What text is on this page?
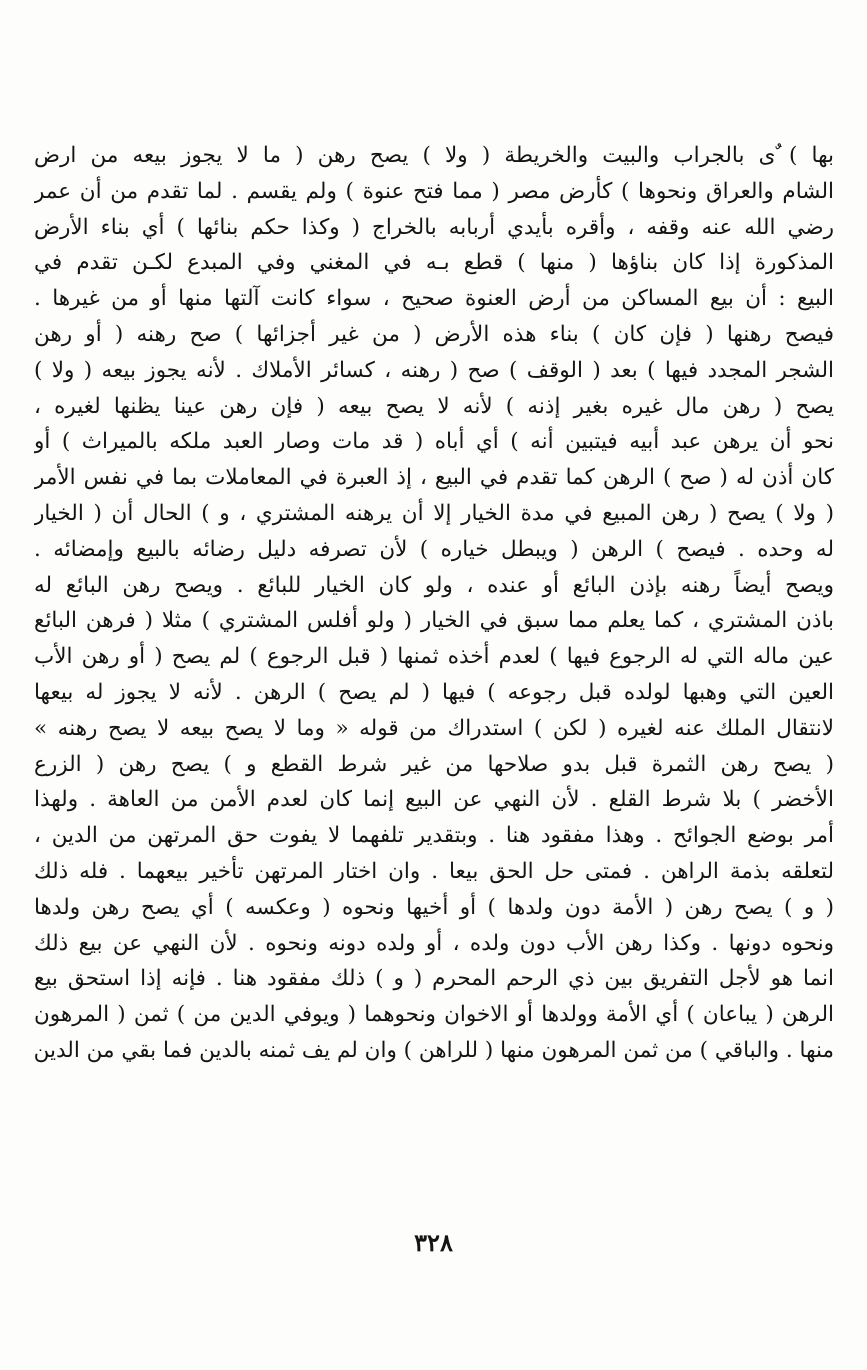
بها ) ٌى بالجراب والبيت والخريطة ( ولا ) يصح رهن ( ما لا يجوز بيعه من ارض
الشام والعراق ونحوها ) كأرض مصر ( مما فتح عنوة ) ولم يقسم . لما تقدم من أن عمر
رضي الله عنه وقفه ، وأقره بأيدي أربابه بالخراج ( وكذا حكم بنائها ) أي بناء الأرض
المذكورة إذا كان بناؤها ( منها ) قطع بـه في المغني وفي المبدع لكـن تقدم في
البيع : أن بيع المساكن من أرض العنوة صحيح ، سواء كانت آلتها منها أو من غيرها .
فيصح رهنها ( فإن كان ) بناء هذه الأرض ( من غير أجزائها ) صح رهنه ( أو رهن
الشجر المجدد فيها ) بعد ( الوقف ) صح ( رهنه ، كسائر الأملاك . لأنه يجوز بيعه ( ولا )
يصح ( رهن مال غيره بغير إذنه ) لأنه لا يصح بيعه ( فإن رهن عينا يظنها لغيره ،
نحو أن يرهن عبد أبيه فيتبين أنه ) أي أباه ( قد مات وصار العبد ملكه بالميراث ) أو
كان أذن له ( صح ) الرهن كما تقدم في البيع ، إذ العبرة في المعاملات بما في نفس الأمر
( ولا ) يصح ( رهن المبيع في مدة الخيار إلا أن يرهنه المشتري ، و ) الحال أن ( الخيار
له وحده . فيصح ) الرهن ( ويبطل خياره ) لأن تصرفه دليل رضائه بالبيع وإمضائه .
ويصح أيضاً رهنه بإذن البائع أو عنده ، ولو كان الخيار للبائع . ويصح رهن البائع له
باذن المشتري ، كما يعلم مما سبق في الخيار ( ولو أفلس المشتري ) مثلا ( فرهن البائع
عين ماله التي له الرجوع فيها ) لعدم أخذه ثمنها ( قبل الرجوع ) لم يصح ( أو رهن الأب
العين التي وهبها لولده قبل رجوعه ) فيها ( لم يصح ) الرهن . لأنه لا يجوز له بيعها
لانتقال الملك عنه لغيره ( لكن ) استدراك من قوله « وما لا يصح بيعه لا يصح رهنه »
( يصح رهن الثمرة قبل بدو صلاحها من غير شرط القطع و ) يصح رهن ( الزرع
الأخضر ) بلا شرط القلع . لأن النهي عن البيع إنما كان لعدم الأمن من العاهة . ولهذا
أمر بوضع الجوائح . وهذا مفقود هنا . وبتقدير تلفهما لا يفوت حق المرتهن من الدين ،
لتعلقه بذمة الراهن . فمتى حل الحق بيعا . وان اختار المرتهن تأخير بيعهما . فله ذلك
( و ) يصح رهن ( الأمة دون ولدها ) أو أخيها ونحوه ( وعكسه ) أي يصح رهن ولدها
ونحوه دونها . وكذا رهن الأب دون ولده ، أو ولده دونه ونحوه . لأن النهي عن بيع ذلك
انما هو لأجل التفريق بين ذي الرحم المحرم ( و ) ذلك مفقود هنا . فإنه إذا استحق بيع
الرهن ( يباعان ) أي الأمة وولدها أو الاخوان ونحوهما ( ويوفي الدين من ) ثمن ( المرهون
منها . والباقي ) من ثمن المرهون منها ( للراهن ) وان لم يف ثمنه بالدين فما بقي من الدين
٣٢٨
